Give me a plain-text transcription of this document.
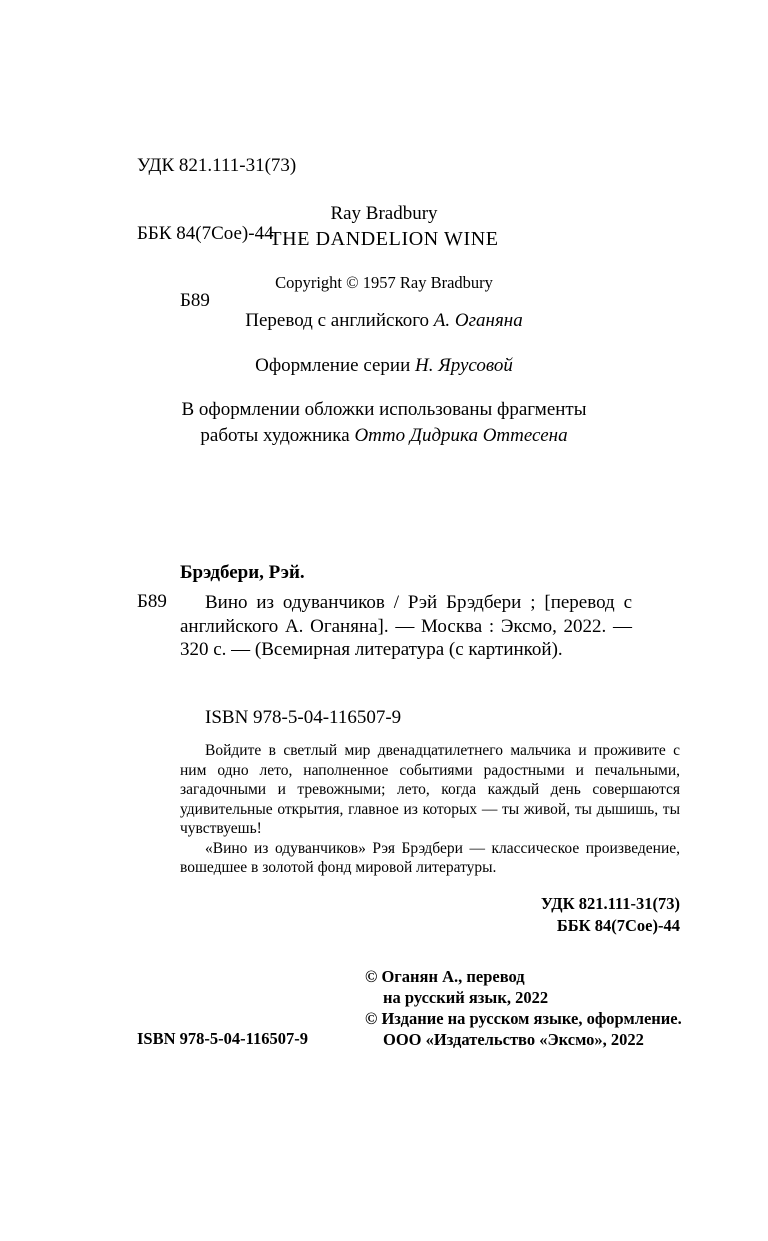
УДК 821.111-31(73)

ББК 84(7Сое)-44

Б89

Ray Bradbury
THE DANDELION WINE
Copyright © 1957 Ray Bradbury
Перевод с английского А. Оганяна
Оформление серии Н. Ярусовой
В оформлении обложки использованы фрагменты
работы художника Отто Дидрика Оттесена
Брэдбери, Рэй.
Б89	Вино из одуванчиков / Рэй Брэдбери ; [перевод с английского А. Оганяна]. — Москва : Эксмо, 2022. — 320 с. — (Всемирная литература (с картинкой).
ISBN 978-5-04-116507-9

Войдите в светлый мир двенадцатилетнего мальчика и проживите с ним одно лето, наполненное событиями радостными и печальными, загадочными и тревожными; лето, когда каждый день совершаются удивительные открытия, главное из которых — ты живой, ты дышишь, ты чувствуешь!

«Вино из одуванчиков» Рэя Брэдбери — классическое произведение, вошедшее в золотой фонд мировой литературы.

УДК 821.111-31(73)
ББК 84(7Сое)-44
© Оганян А., перевод
на русский язык, 2022
© Издание на русском языке, оформление.
ООО «Издательство «Эксмо», 2022
ISBN 978-5-04-116507-9
